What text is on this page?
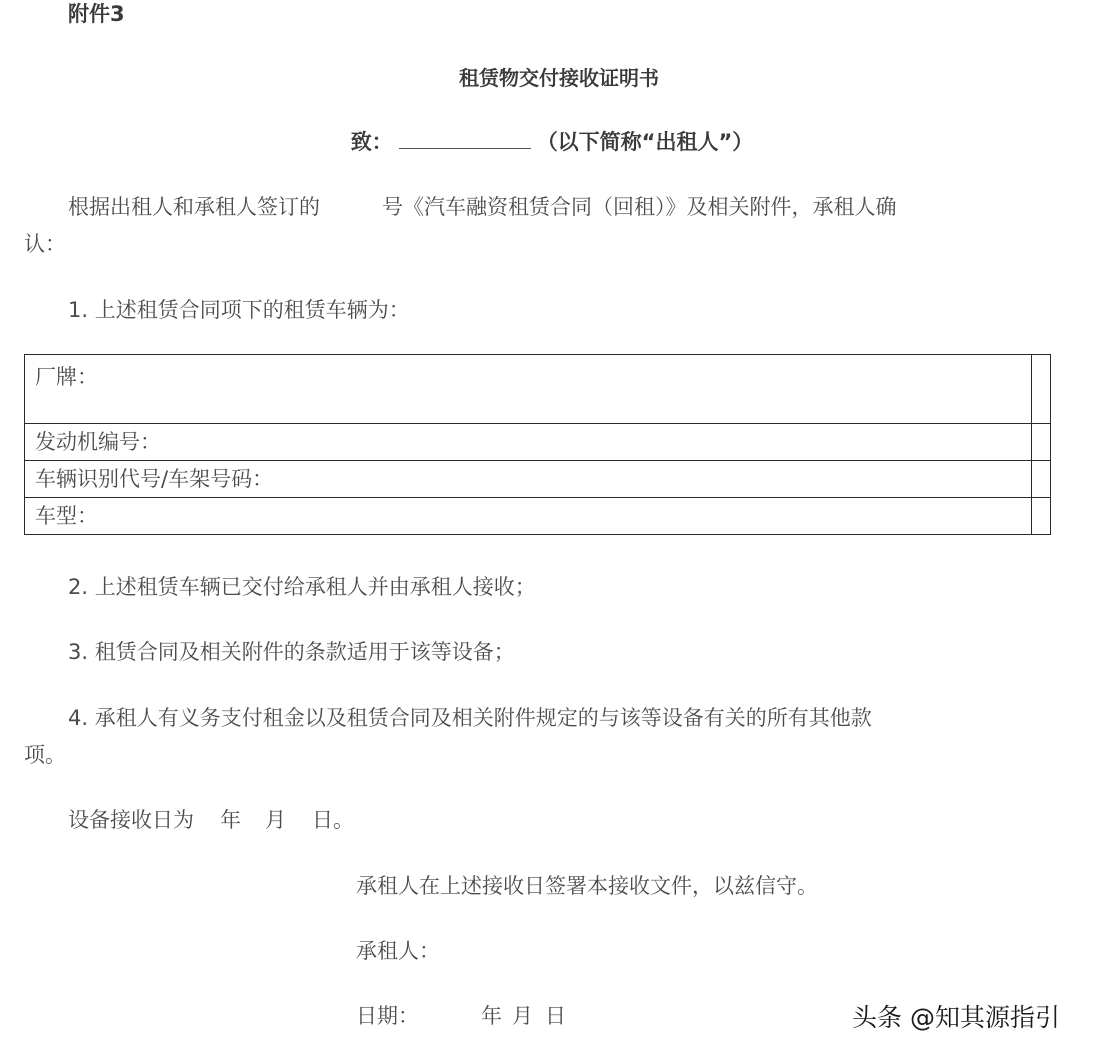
附件3
租赁物交付接收证明书
致：	（以下简称“出租人”）
根据出租人和承租人签订的	号《汽车融资租赁合同（回租）》及相关附件，承租人确
认：
1. 上述租赁合同项下的租赁车辆为：
厂牌：	
发动机编号：	
车辆识别代号/车架号码：	
车型：	
2. 上述租赁车辆已交付给承租人并由承租人接收；
3. 租赁合同及相关附件的条款适用于该等设备；
4. 承租人有义务支付租金以及租赁合同及相关附件规定的与该等设备有关的所有其他款
项。
设备接收日为 年 月 日。
承租人在上述接收日签署本接收文件，以兹信守。
承租人：
日期：	年 月 日	头条 @知其源指引
